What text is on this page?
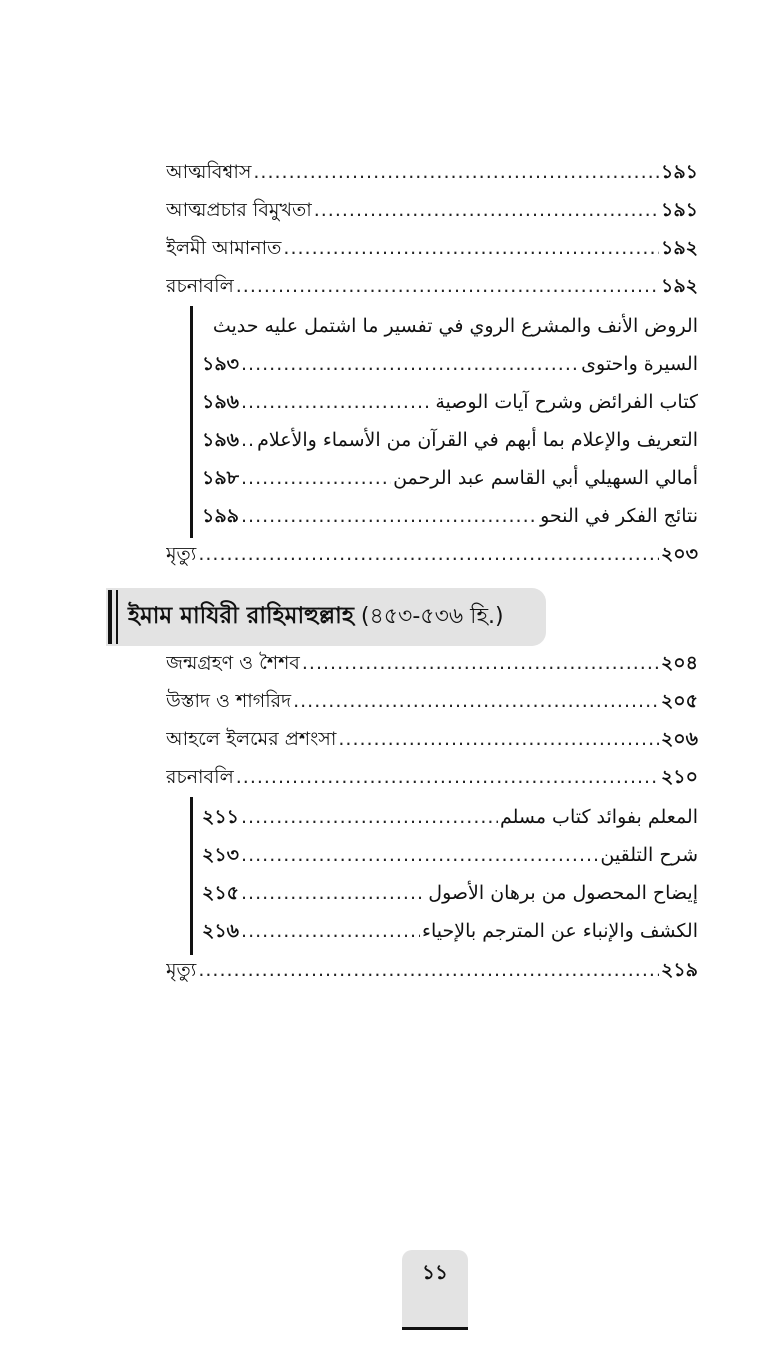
আত্মবিশ্বাস .....	১৯১
আত্মপ্রচার বিমুখতা .....	১৯১
ইলমী আমানাত .....	১৯২
রচনাবলি .....	১৯২
الروض الأنف والمشرع الروي في تفسير ما اشتمل عليه حديث
১৯৩ .....	السيرة واحتوى
১৯৬ .....	كتاب الفرائض وشرح آيات الوصية
১৯৬ ..... التعريف والإعلام بما أبهم في القرآن من الأسماء والأعلام
১৯৮ .....	أمالي السهيلي أبي القاسم عبد الرحمن
১৯৯ .....	نتائج الفكر في النحو
মৃত্যু .....	২০৩
ইমাম মাযিরী রাহিমাহুল্লাহ (৪৫৩-৫৩৬ হি.)
জন্মগ্রহণ ও শৈশব .....	২০৪
উস্তাদ ও শাগরিদ .....	২০৫
আহলে ইলমের প্রশংসা .....	২০৬
রচনাবলি .....	২১০
২১১ .....	المعلم بفوائد كتاب مسلم
২১৩ .....	شرح التلقين
২১৫ .....	إيضاح المحصول من برهان الأصول
২১৬ .....	الكشف والإنباء عن المترجم بالإحياء
মৃত্যু .....	২১৯
১১
